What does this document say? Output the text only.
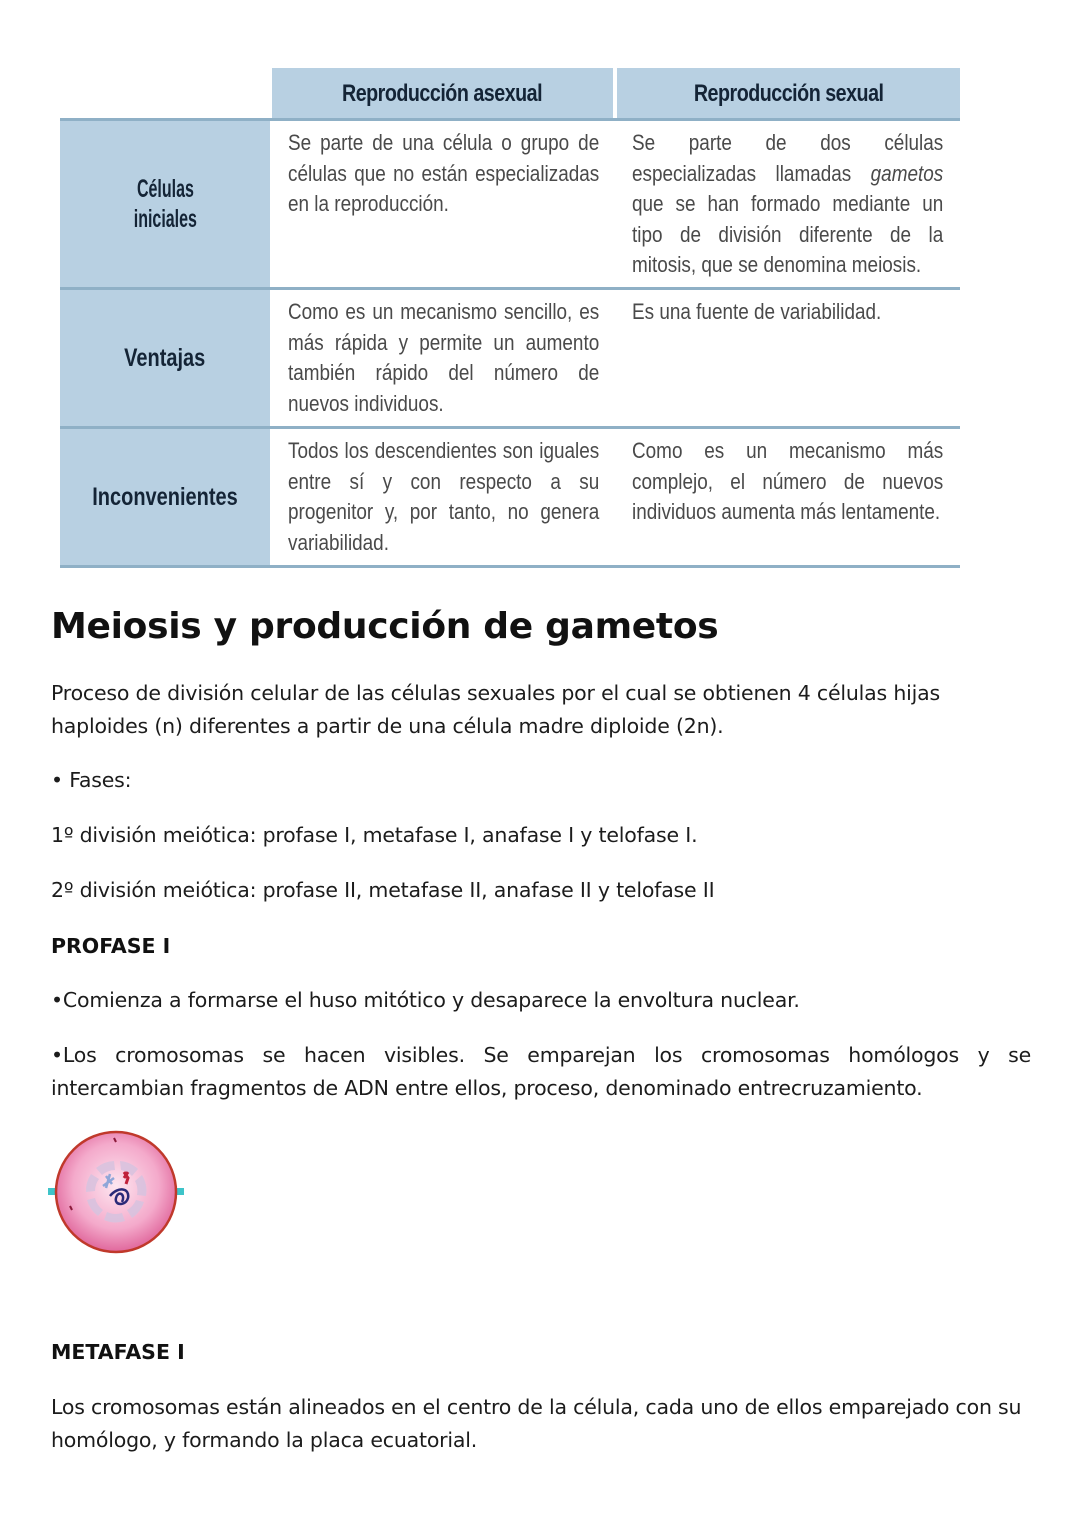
Reproducción asexual	Reproducción sexual
Células
iniciales
Se parte de una célula o grupo de células que no están especializadas en la reproducción.
Se parte de dos células especializadas llamadas gametos que se han formado mediante un tipo de división diferente de la mitosis, que se denomina meiosis.
Ventajas
Como es un mecanismo sencillo, es más rápida y permite un aumento también rápido del número de nuevos individuos.
Es una fuente de variabilidad.
Inconvenientes
Todos los descendientes son iguales entre sí y con respecto a su progenitor y, por tanto, no genera variabilidad.
Como es un mecanismo más complejo, el número de nuevos individuos aumenta más lentamente.
Meiosis y producción de gametos
Proceso de división celular de las células sexuales por el cual se obtienen 4 células hijas haploides (n) diferentes a partir de una célula madre diploide (2n).
• Fases:
1º división meiótica: profase I, metafase I, anafase I y telofase I.
2º división meiótica: profase II, metafase II, anafase II y telofase II
PROFASE I
•Comienza a formarse el huso mitótico y desaparece la envoltura nuclear.
•Los cromosomas se hacen visibles. Se emparejan los cromosomas homólogos y se intercambian fragmentos de ADN entre ellos, proceso, denominado entrecruzamiento.
METAFASE I
Los cromosomas están alineados en el centro de la célula, cada uno de ellos emparejado con su homólogo, y formando la placa ecuatorial.
